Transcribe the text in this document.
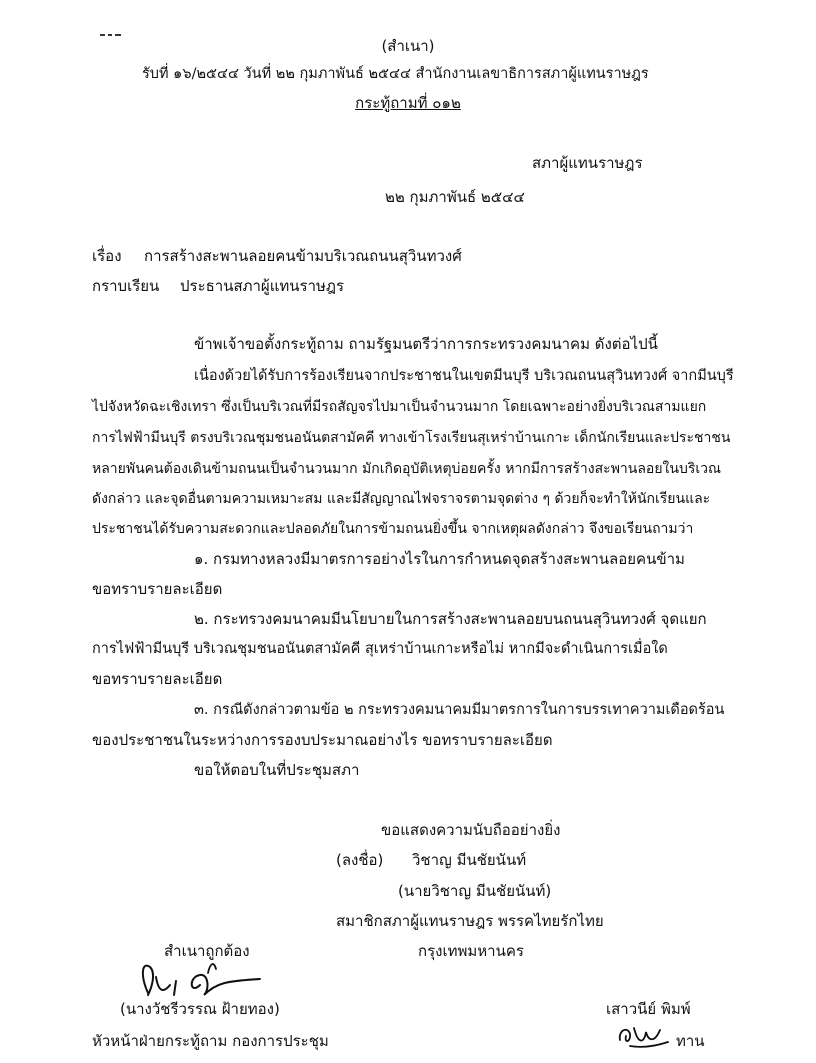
(สำเนา)
รับที่ ๑๖/๒๕๔๔ วันที่ ๒๒ กุมภาพันธ์ ๒๕๔๔ สำนักงานเลขาธิการสภาผู้แทนราษฎร
กระทู้ถามที่ ๐๑๒
สภาผู้แทนราษฎร
๒๒ กุมภาพันธ์ ๒๕๔๔
เรื่อง การสร้างสะพานลอยคนข้ามบริเวณถนนสุวินทวงศ์
กราบเรียน ประธานสภาผู้แทนราษฎร
ข้าพเจ้าขอตั้งกระทู้ถาม ถามรัฐมนตรีว่าการกระทรวงคมนาคม ดังต่อไปนี้
เนื่องด้วยได้รับการร้องเรียนจากประชาชนในเขตมีนบุรี บริเวณถนนสุวินทวงศ์ จากมีนบุรี
ไปจังหวัดฉะเชิงเทรา ซึ่งเป็นบริเวณที่มีรถสัญจรไปมาเป็นจำนวนมาก โดยเฉพาะอย่างยิ่งบริเวณสามแยก
การไฟฟ้ามีนบุรี ตรงบริเวณชุมชนอนันตสามัคคี ทางเข้าโรงเรียนสุเหร่าบ้านเกาะ เด็กนักเรียนและประชาชน
หลายพันคนต้องเดินข้ามถนนเป็นจำนวนมาก มักเกิดอุบัติเหตุบ่อยครั้ง หากมีการสร้างสะพานลอยในบริเวณ
ดังกล่าว และจุดอื่นตามความเหมาะสม และมีสัญญาณไฟจราจรตามจุดต่าง ๆ ด้วยก็จะทำให้นักเรียนและ
ประชาชนได้รับความสะดวกและปลอดภัยในการข้ามถนนยิ่งขึ้น จากเหตุผลดังกล่าว จึงขอเรียนถามว่า
๑. กรมทางหลวงมีมาตรการอย่างไรในการกำหนดจุดสร้างสะพานลอยคนข้าม
ขอทราบรายละเอียด
๒. กระทรวงคมนาคมมีนโยบายในการสร้างสะพานลอยบนถนนสุวินทวงศ์ จุดแยก
การไฟฟ้ามีนบุรี บริเวณชุมชนอนันตสามัคคี สุเหร่าบ้านเกาะหรือไม่ หากมีจะดำเนินการเมื่อใด
ขอทราบรายละเอียด
๓. กรณีดังกล่าวตามข้อ ๒ กระทรวงคมนาคมมีมาตรการในการบรรเทาความเดือดร้อน
ของประชาชนในระหว่างการรองบประมาณอย่างไร ขอทราบรายละเอียด
ขอให้ตอบในที่ประชุมสภา
ขอแสดงความนับถืออย่างยิ่ง
(ลงชื่อ) วิชาญ มีนชัยนันท์
(นายวิชาญ มีนชัยนันท์)
สมาชิกสภาผู้แทนราษฎร พรรคไทยรักไทย
กรุงเทพมหานคร
สำเนาถูกต้อง
(นางวัชรีวรรณ ฝ้ายทอง)
หัวหน้าฝ่ายกระทู้ถาม กองการประชุม
เสาวนีย์ พิมพ์
ทาน
